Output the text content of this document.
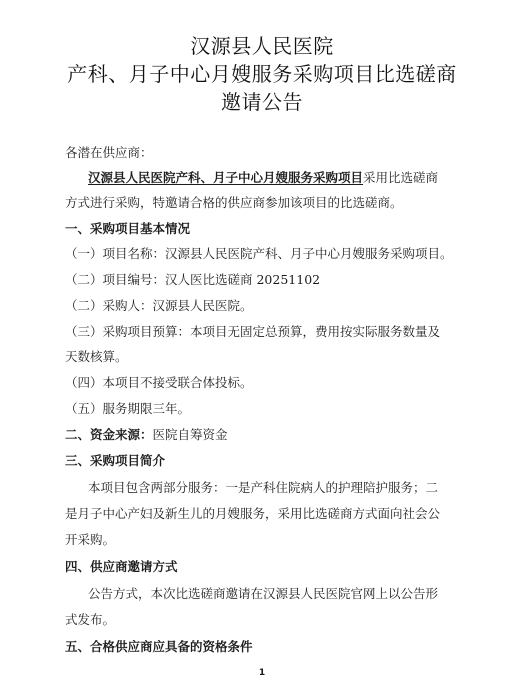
汉源县人民医院
产科、月子中心月嫂服务采购项目比选磋商
邀请公告
各潜在供应商：
汉源县人民医院产科、月子中心月嫂服务采购项目采用比选磋商
方式进行采购，特邀请合格的供应商参加该项目的比选磋商。
一、采购项目基本情况
（一）项目名称：汉源县人民医院产科、月子中心月嫂服务采购项目。
（二）项目编号：汉人医比选磋商 20251102
（二）采购人：汉源县人民医院。
（三）采购项目预算：本项目无固定总预算，费用按实际服务数量及
天数核算。
（四）本项目不接受联合体投标。
（五）服务期限三年。
二、资金来源：医院自筹资金
三、采购项目简介
本项目包含两部分服务：一是产科住院病人的护理陪护服务；二
是月子中心产妇及新生儿的月嫂服务，采用比选磋商方式面向社会公
开采购。
四、供应商邀请方式
公告方式，本次比选磋商邀请在汉源县人民医院官网上以公告形
式发布。
五、合格供应商应具备的资格条件
1
